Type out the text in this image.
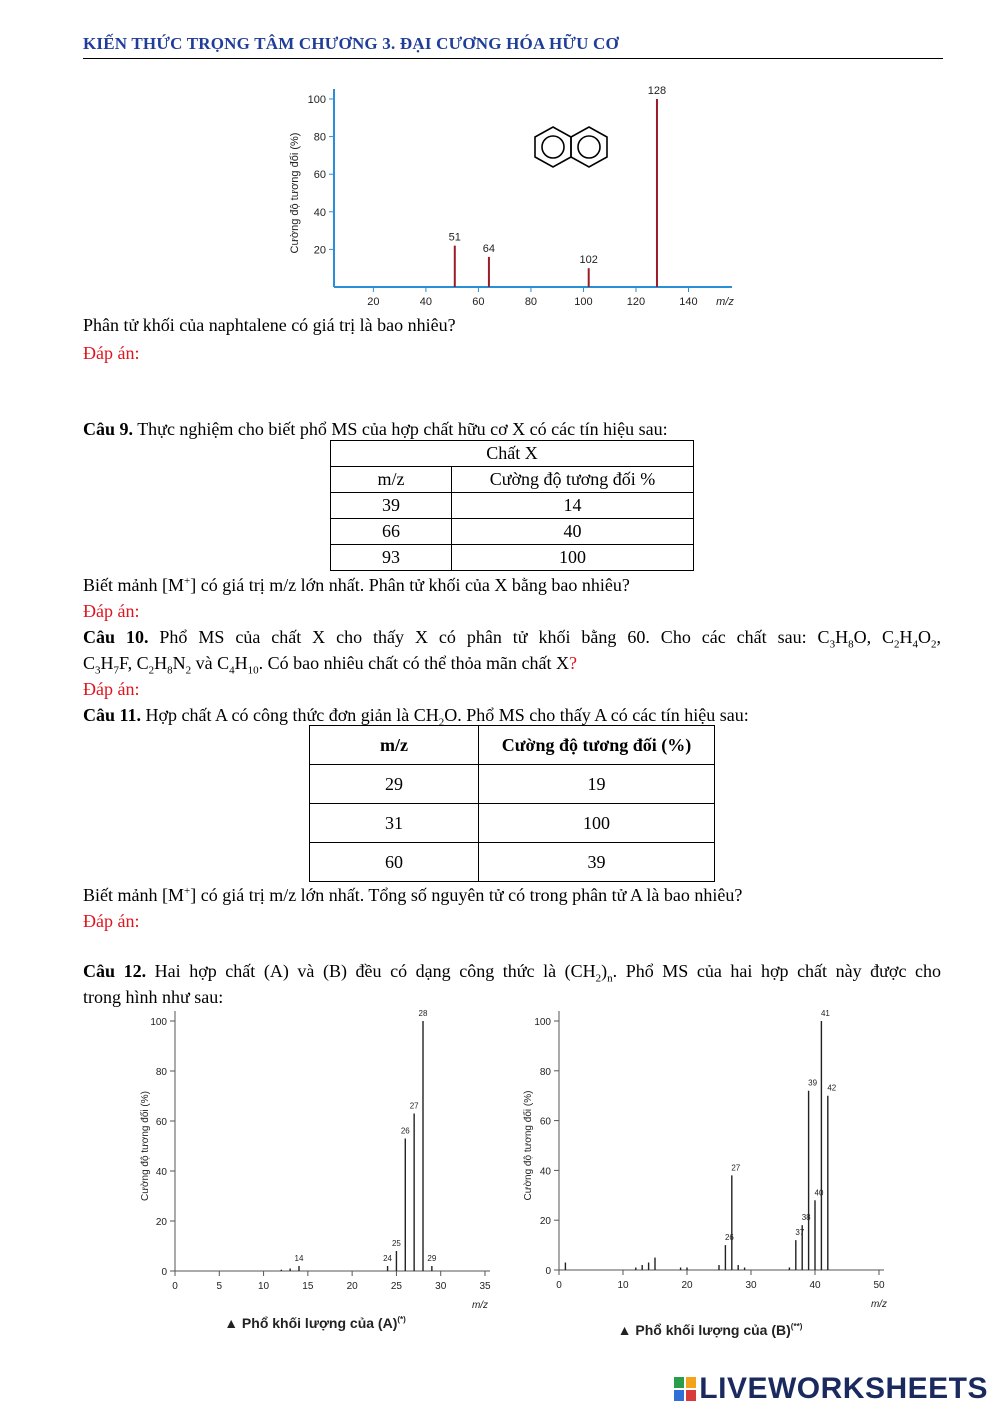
KIẾN THỨC TRỌNG TÂM CHƯƠNG 3. ĐẠI CƯƠNG HÓA HỮU CƠ
20	40	60	80	100	120	140
20
40
60
80
100
51
64
102
128
Cường độ tương đối (%)
m/z
Phân tử khối của naphtalene có giá trị là bao nhiêu?
Đáp án:
Câu 9. Thực nghiệm cho biết phổ MS của hợp chất hữu cơ X có các tín hiệu sau:
Chất X	
m/z	Cường độ tương đối %
39	14
66	40
93	100
Biết mảnh [M+] có giá trị m/z lớn nhất. Phân tử khối của X bằng bao nhiêu?
Đáp án:
Câu 10. Phổ MS của chất X cho thấy X có phân tử khối bằng 60. Cho các chất sau: $C_3H_8O$, $C_2H_4O_2$,
$C_3H_7F$, $C_2H_8N_2$ và $C_4H_{10}$. Có bao nhiêu chất có thể thỏa mãn chất X?
Đáp án:
Câu 11. Hợp chất A có công thức đơn giản là $CH_2O$. Phổ MS cho thấy A có các tín hiệu sau:
m/z	Cường độ tương đối (%)
29	19
31	100
60	39
Biết mảnh [M+] có giá trị m/z lớn nhất. Tổng số nguyên tử có trong phân tử A là bao nhiêu?
Đáp án:
Câu 12. Hai hợp chất (A) và (B) đều có dạng công thức là $(CH_2)_n$. Phổ MS của hai hợp chất này được cho
trong hình như sau:
0	5	10	15	20	25	30	35
0
20
40
60
80
100
14	24
25
26
27
28
29
Cường độ tương đối (%)
m/z
▲ Phổ khối lượng của (A)(*)
0	10	20	30	40	50
0
20
40
60
80
100
26
27
37
38
39
40
41
42
Cường độ tương đối (%)
m/z
▲ Phổ khối lượng của (B)(**)
LIVEWORKSHEETS
